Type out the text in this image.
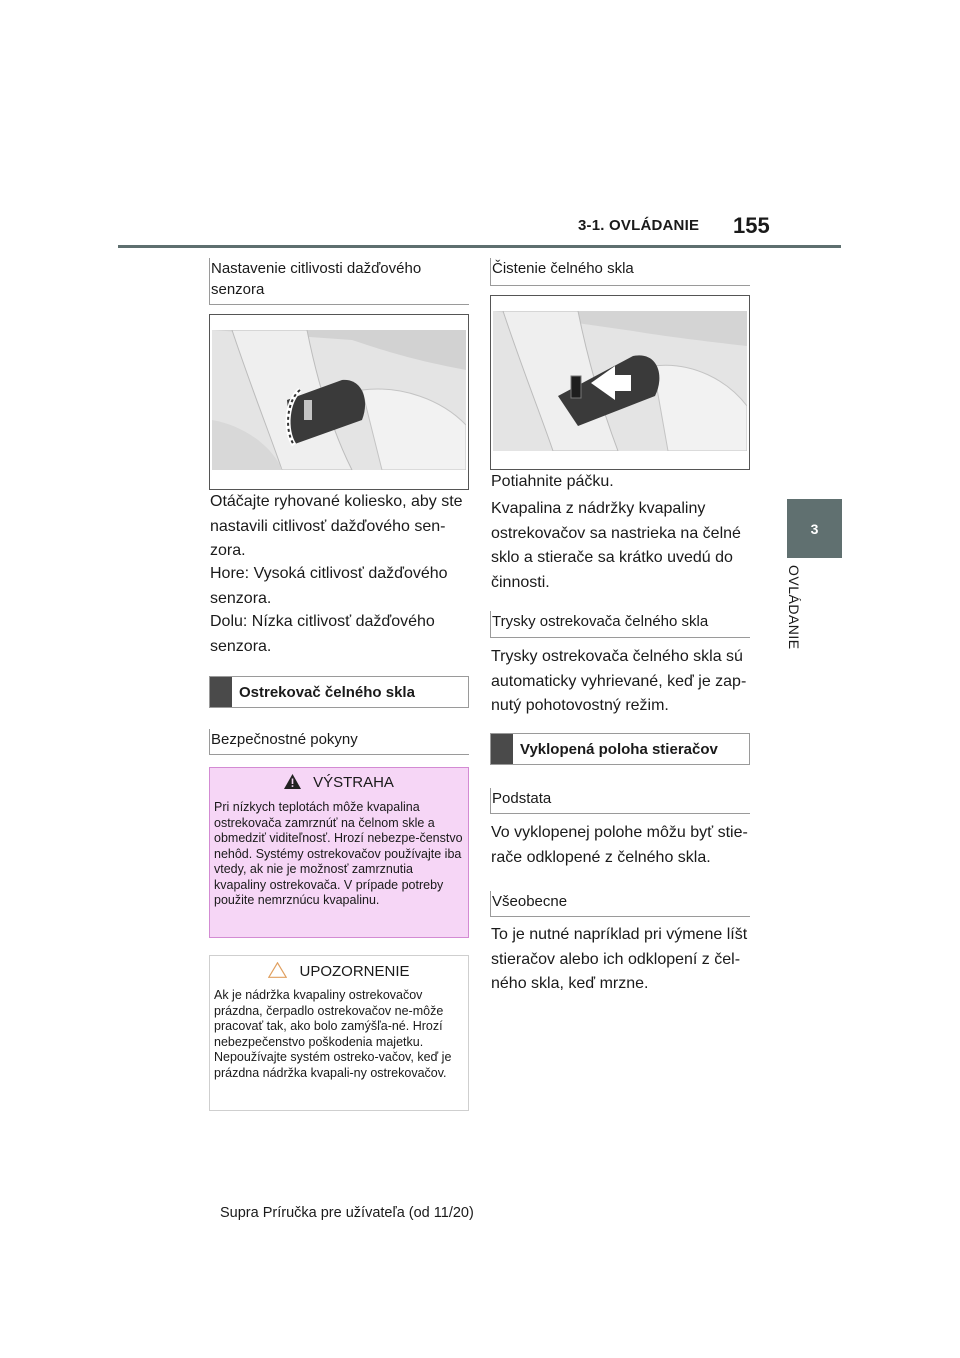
3-1. OVLÁDANIE 155
3
OVLÁDANIE
Nastavenie citlivosti dažďového senzora

Otáčajte ryhované koliesko, aby ste nastavili citlivosť dažďového sen-zora.

Hore: Vysoká citlivosť dažďového senzora.

Dolu: Nízka citlivosť dažďového senzora.

Ostrekovač čelného skla
Bezpečnostné pokyny
VÝSTRAHA

Pri nízkych teplotách môže kvapalina ostrekovača zamrznúť na čelnom skle a obmedziť viditeľnosť. Hrozí nebezpe-čenstvo nehôd. Systémy ostrekovačov používajte iba vtedy, ak nie je možnosť zamrznutia kvapaliny ostrekovača. V prípade potreby použite nemrznúcu kvapalinu.

UPOZORNENIE

Ak je nádržka kvapaliny ostrekovačov prázdna, čerpadlo ostrekovačov ne-môže pracovať tak, ako bolo zamýšľa-né. Hrozí nebezpečenstvo poškodenia majetku. Nepoužívajte systém ostreko-vačov, keď je prázdna nádržka kvapali-ny ostrekovačov.

Čistenie čelného skla

Potiahnite páčku.

Kvapalina z nádržky kvapaliny ostrekovačov sa nastrieka na čelné sklo a stierače sa krátko uvedú do činnosti.

Trysky ostrekovača čelného skla

Trysky ostrekovača čelného skla sú automaticky vyhrievané, keď je zap-nutý pohotovostný režim.

Vyklopená poloha stieračov
Podstata

Vo vyklopenej polohe môžu byť stie-rače odklopené z čelného skla.

Všeobecne

To je nutné napríklad pri výmene líšt stieračov alebo ich odklopení z čel-ného skla, keď mrzne.

Supra Príručka pre užívateľa (od 11/20)
